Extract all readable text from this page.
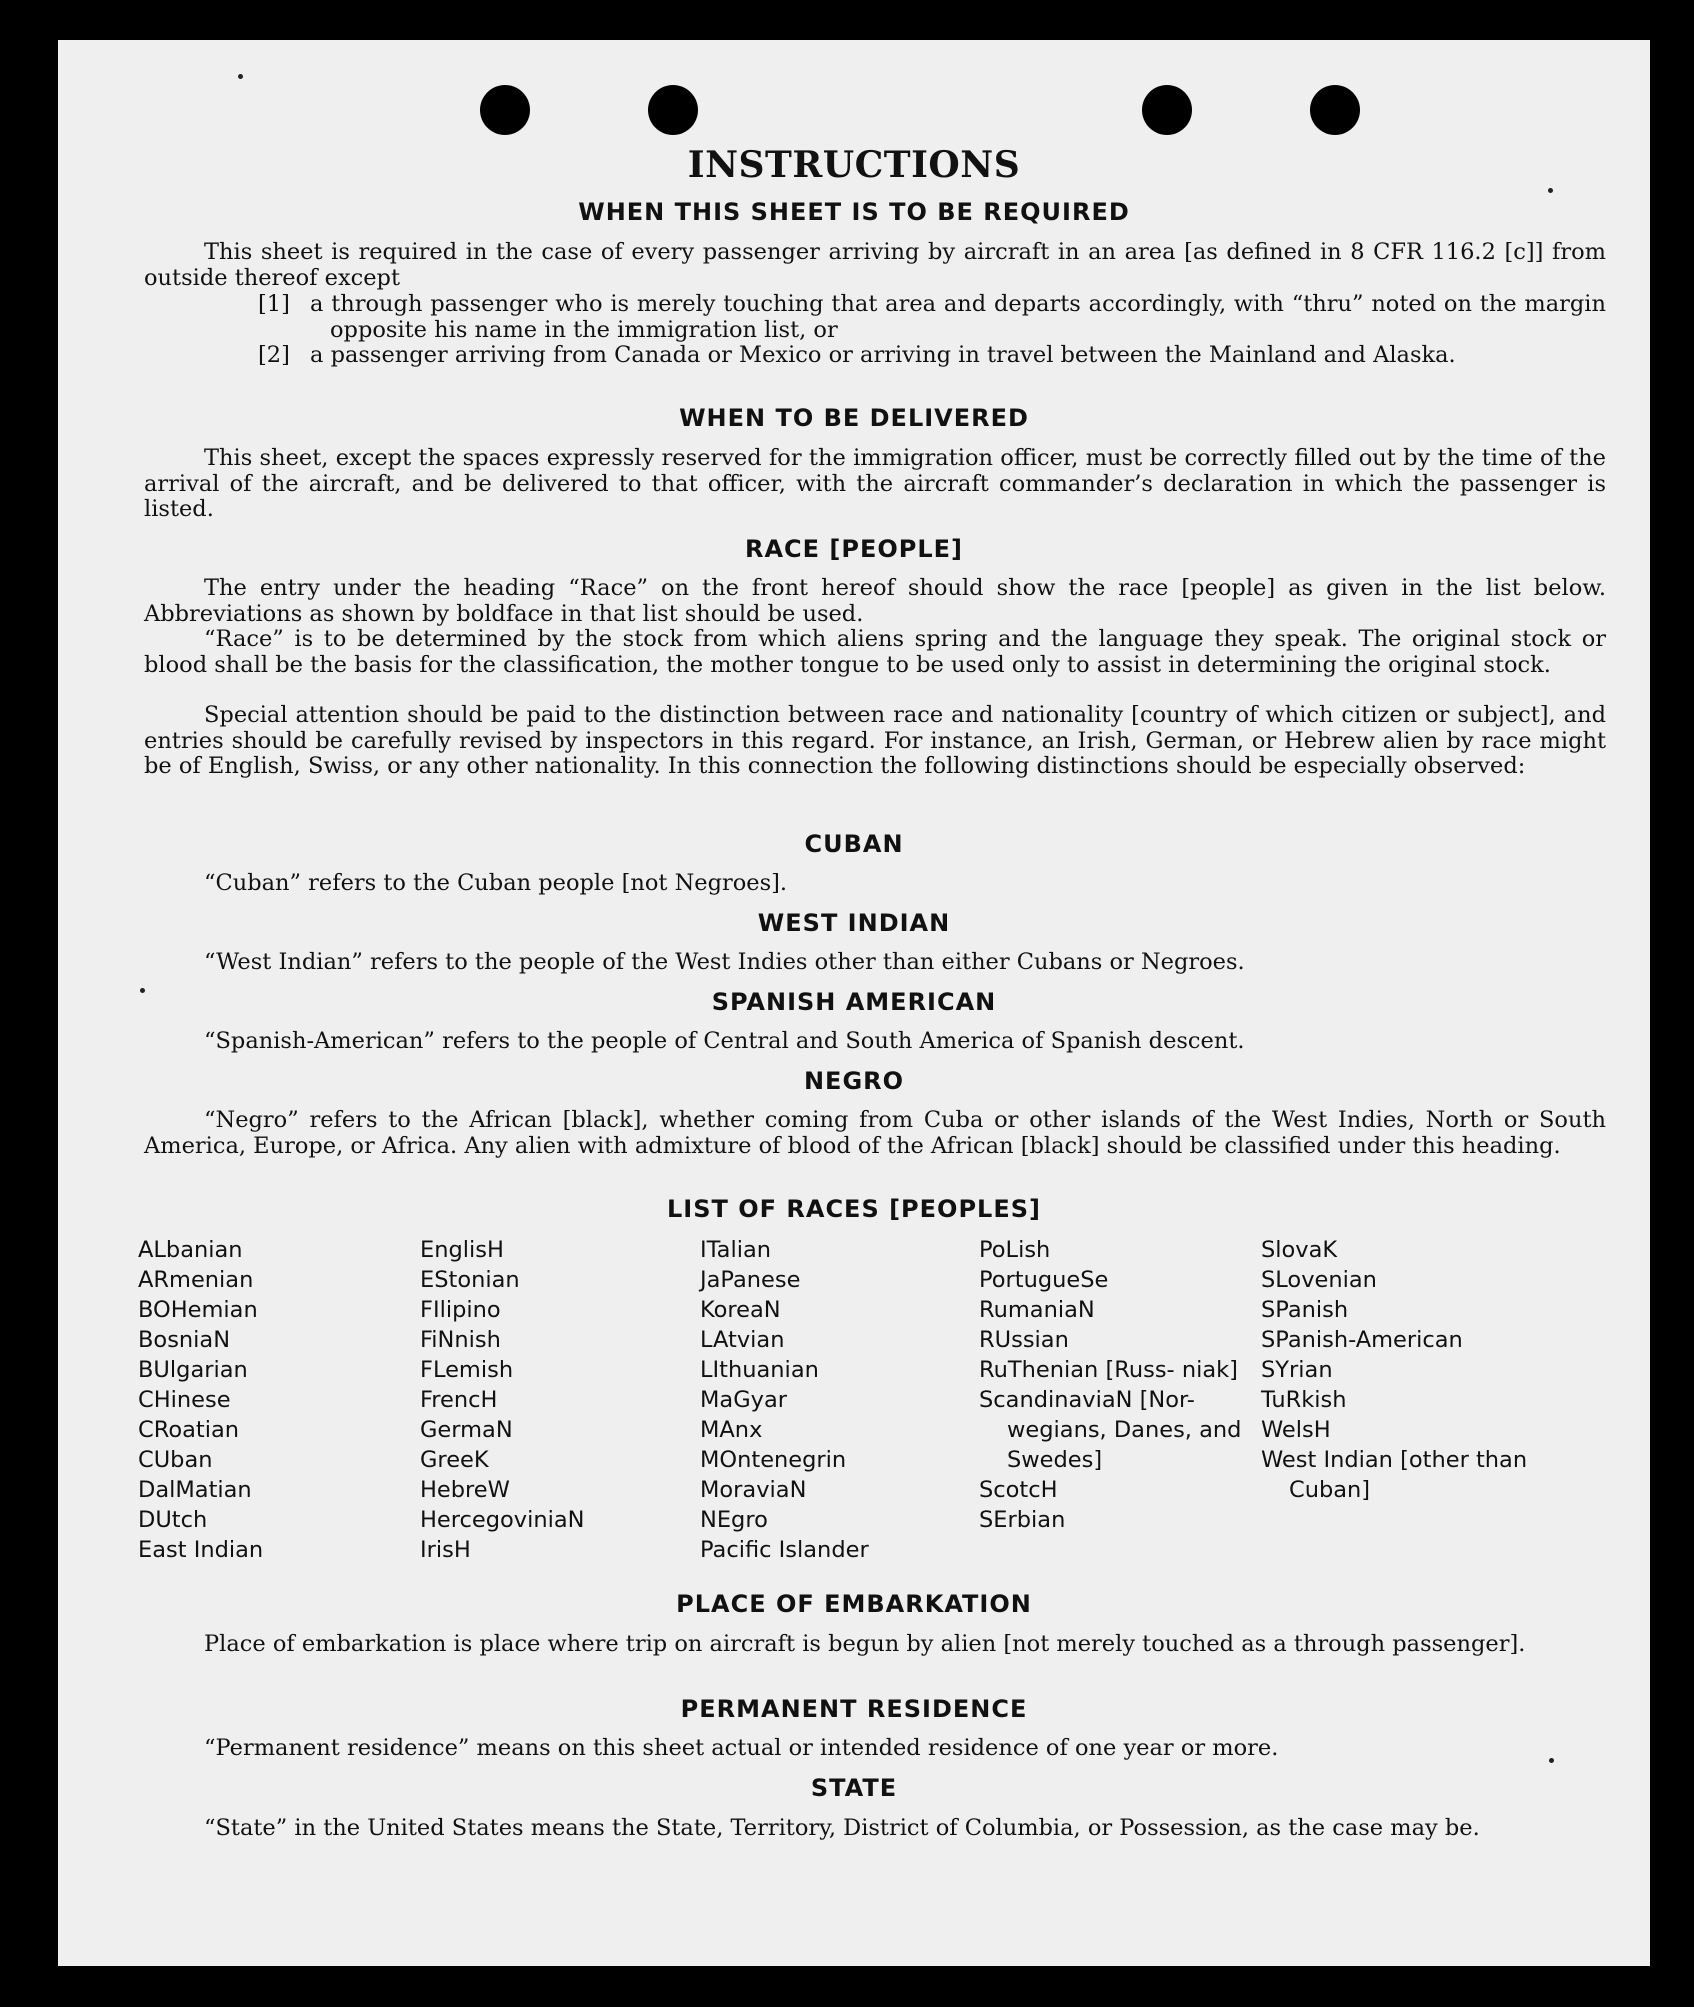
INSTRUCTIONS
WHEN THIS SHEET IS TO BE REQUIRED
This sheet is required in the case of every passenger arriving by aircraft in an area [as defined in 8 CFR 116.2 [c]] from outside thereof except
[1] a through passenger who is merely touching that area and departs accordingly, with “thru” noted on the margin opposite his name in the immigration list, or
[2] a passenger arriving from Canada or Mexico or arriving in travel between the Mainland and Alaska.
WHEN TO BE DELIVERED
This sheet, except the spaces expressly reserved for the immigration officer, must be correctly filled out by the time of the arrival of the aircraft, and be delivered to that officer, with the aircraft commander’s declaration in which the passenger is listed.
RACE [PEOPLE]
The entry under the heading “Race” on the front hereof should show the race [people] as given in the list below. Abbreviations as shown by boldface in that list should be used.
“Race” is to be determined by the stock from which aliens spring and the language they speak. The original stock or blood shall be the basis for the classification, the mother tongue to be used only to assist in determining the original stock.
Special attention should be paid to the distinction between race and nationality [country of which citizen or subject], and entries should be carefully revised by inspectors in this regard. For instance, an Irish, German, or Hebrew alien by race might be of English, Swiss, or any other nationality. In this connection the following distinctions should be especially observed:
CUBAN
“Cuban” refers to the Cuban people [not Negroes].
WEST INDIAN
“West Indian” refers to the people of the West Indies other than either Cubans or Negroes.
SPANISH AMERICAN
“Spanish-American” refers to the people of Central and South America of Spanish descent.
NEGRO
“Negro” refers to the African [black], whether coming from Cuba or other islands of the West Indies, North or South America, Europe, or Africa. Any alien with admixture of blood of the African [black] should be classified under this heading.
LIST OF RACES [PEOPLES]
ALbanian
ARmenian
BOHemian
BosniaN
BUlgarian
CHinese
CRoatian
CUban
DalMatian
DUtch
East Indian
EnglisH
EStonian
FIlipino
FiNnish
FLemish
FrencH
GermaN
GreeK
HebreW
HercegoviniaN
IrisH
ITalian
JaPanese
KoreaN
LAtvian
LIthuanian
MaGyar
MAnx
MOntenegrin
MoraviaN
NEgro
Pacific Islander
PoLish
PortugueSe
RumaniaN
RUssian
RuThenian [Russ- niak]
ScandinaviaN [Nor- wegians, Danes, and Swedes]
ScotcH
SErbian
SlovaK
SLovenian
SPanish
SPanish-American
SYrian
TuRkish
WelsH
West Indian [other than Cuban]
PLACE OF EMBARKATION
Place of embarkation is place where trip on aircraft is begun by alien [not merely touched as a through passenger].
PERMANENT RESIDENCE
“Permanent residence” means on this sheet actual or intended residence of one year or more.
STATE
“State” in the United States means the State, Territory, District of Columbia, or Possession, as the case may be.
